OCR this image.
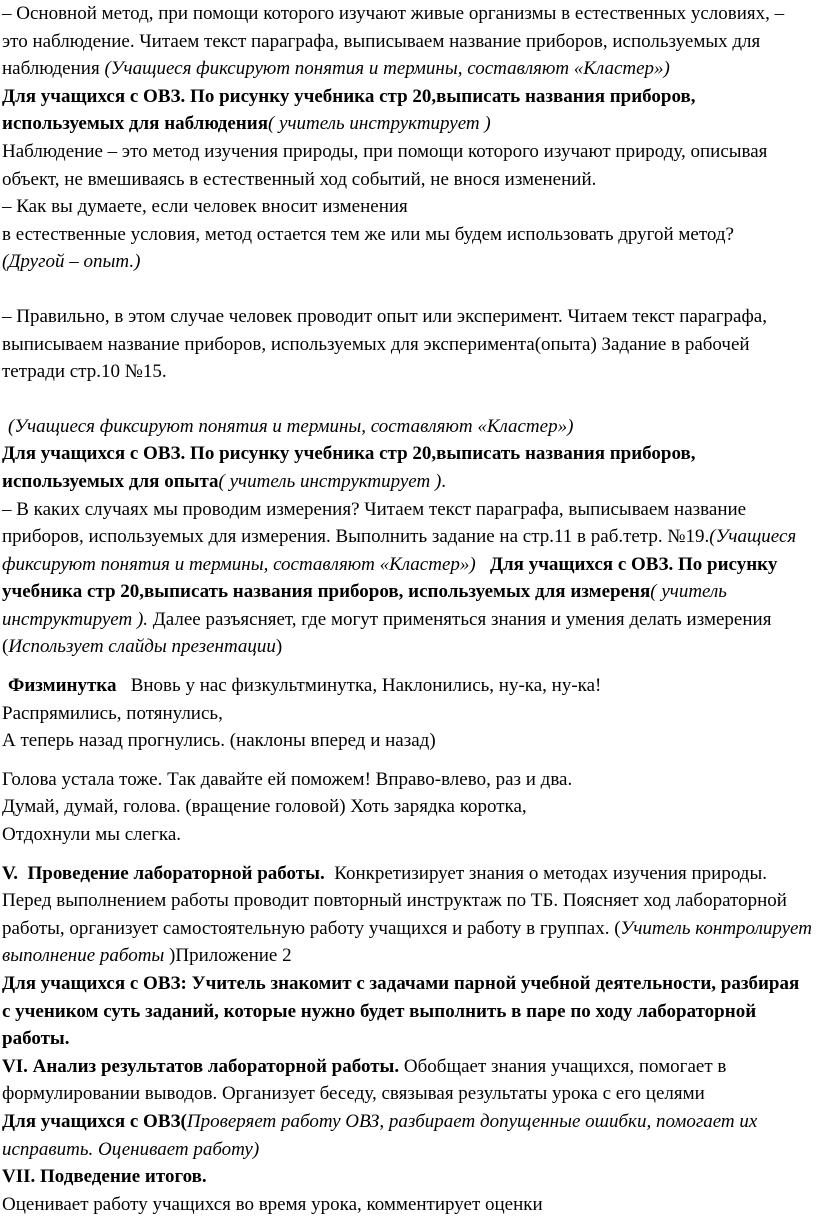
– Основной метод, при помощи которого изучают живые организмы в естественных условиях, – это наблюдение. Читаем текст параграфа, выписываем название приборов, используемых для наблюдения (Учащиеся фиксируют понятия и термины, составляют «Кластер»)

Для учащихся с ОВЗ. По рисунку учебника стр 20,выписать названия приборов, используемых для наблюдения( учитель инструктирует )

Наблюдение – это метод изучения природы, при помощи которого изучают природу, описывая объект, не вмешиваясь в естественный ход событий, не внося изменений.

– Как вы думаете, если человек вносит изменения

в естественные условия, метод остается тем же или мы будем использовать другой метод?

(Другой – опыт.)

– Правильно, в этом случае человек проводит опыт или эксперимент. Читаем текст параграфа, выписываем название приборов, используемых для эксперимента(опыта) Задание в рабочей тетради стр.10 №15.

(Учащиеся фиксируют понятия и термины, составляют «Кластер»)

Для учащихся с ОВЗ. По рисунку учебника стр 20,выписать названия приборов, используемых для опыта( учитель инструктирует ).

– В каких случаях мы проводим измерения? Читаем текст параграфа, выписываем название приборов, используемых для измерения. Выполнить задание на стр.11 в раб.тетр. №19.(Учащиеся фиксируют понятия и термины, составляют «Кластер»)   Для учащихся с ОВЗ. По рисунку учебника стр 20,выписать названия приборов, используемых для измереня( учитель инструктирует ). Далее разъясняет, где могут применяться знания и умения делать измерения (Использует слайды презентации)

Физминутка   Вновь у нас физкультминутка, Наклонились, ну-ка, ну-ка!

Распрямились, потянулись,

А теперь назад прогнулись. (наклоны вперед и назад)

Голова устала тоже. Так давайте ей поможем! Вправо-влево, раз и два.

Думай, думай, голова. (вращение головой) Хоть зарядка коротка,

Отдохнули мы слегка.

V.  Проведение лабораторной работы.  Конкретизирует знания о методах изучения природы. Перед выполнением работы проводит повторный инструктаж по ТБ. Поясняет ход лабораторной работы, организует самостоятельную работу учащихся и работу в группах. (Учитель контролирует выполнение работы )Приложение 2

Для учащихся с ОВЗ: Учитель знакомит с задачами парной учебной деятельности, разбирая с учеником суть заданий, которые нужно будет выполнить в паре по ходу лабораторной работы.

VI. Анализ результатов лабораторной работы. Обобщает знания учащихся, помогает в формулировании выводов. Организует беседу, связывая результаты урока с его целями

Для учащихся с ОВЗ(Проверяет работу ОВЗ, разбирает допущенные ошибки, помогает их исправить. Оценивает работу)

VII. Подведение итогов.

Оценивает работу учащихся во время урока, комментирует оценки
